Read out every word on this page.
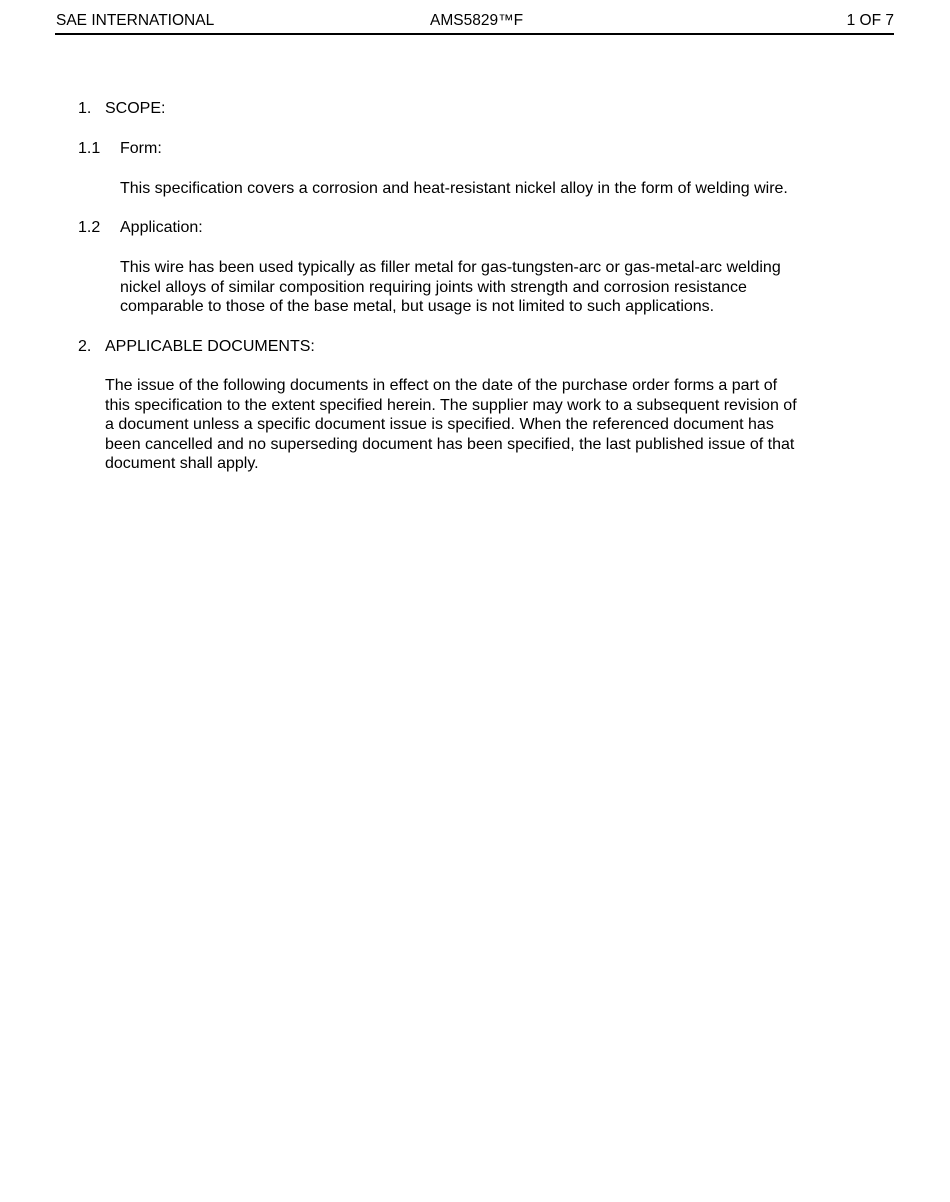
SAE INTERNATIONAL	AMS5829™F	1 OF 7
1. SCOPE:
1.1 Form:
This specification covers a corrosion and heat-resistant nickel alloy in the form of welding wire.
1.2 Application:
This wire has been used typically as filler metal for gas-tungsten-arc or gas-metal-arc welding
nickel alloys of similar composition requiring joints with strength and corrosion resistance
comparable to those of the base metal, but usage is not limited to such applications.
2. APPLICABLE DOCUMENTS:
The issue of the following documents in effect on the date of the purchase order forms a part of
this specification to the extent specified herein. The supplier may work to a subsequent revision of
a document unless a specific document issue is specified. When the referenced document has
been cancelled and no superseding document has been specified, the last published issue of that
document shall apply.
